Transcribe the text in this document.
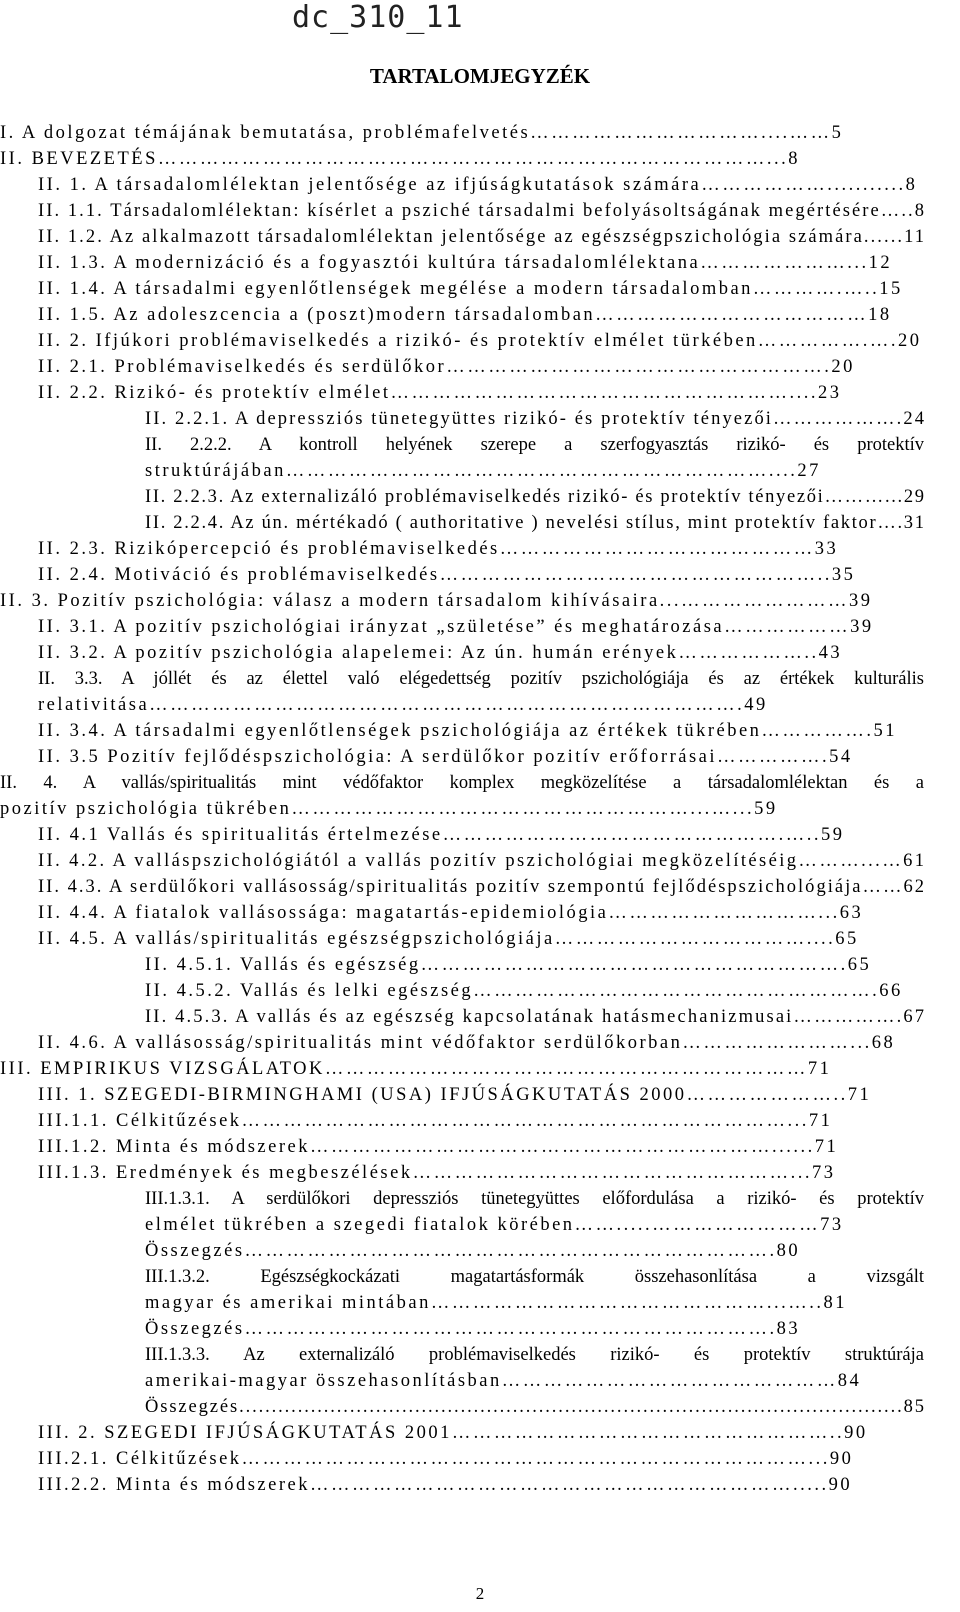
dc_310_11
TARTALOMJEGYZÉK
I. A dolgozat témájának bemutatása, problémafelvetés……………………………....……5
II. BEVEZETÉS……………………………………………………………………………...8
II. 1. A társadalomlélektan jelentősége az ifjúságkutatások számára………………...........8
II. 1.1. Társadalomlélektan: kísérlet a psziché társadalmi befolyásoltságának megértésére…..8
II. 1.2. Az alkalmazott társadalomlélektan jelentősége az egészségpszichológia számára......11
II. 1.3. A modernizáció és a fogyasztói kultúra társadalomlélektana…………………...12
II. 1.4. A társadalmi egyenlőtlenségek megélése a modern társadalomban………….…..15
II. 1.5. Az adoleszcencia a (poszt)modern társadalomban…………………………………18
II. 2. Ifjúkori problémaviselkedés a rizikó- és protektív elmélet türkében…………….….20
II. 2.1. Problémaviselkedés és serdülőkor……………………………………………….20
II. 2.2. Rizikó- és protektív elmélet…………………………………………………....23
II. 2.2.1. A depressziós tünetegyüttes rizikó- és protektív tényezői……………….24
II. 2.2.2. A kontroll helyének szerepe a szerfogyasztás rizikó- és protektív
struktúrájában……………………………………………………………....27
II. 2.2.3. Az externalizáló problémaviselkedés rizikó- és protektív tényezői………...29
II. 2.2.4. Az ún. mértékadó ( authoritative ) nevelési stílus, mint protektív faktor….31
II. 2.3. Rizikópercepció és problémaviselkedés………………………………………33
II. 2.4. Motiváció és problémaviselkedés………………………………………………..35
II. 3. Pozitív pszichológia: válasz a modern társadalom kihívásaira...……………………39
II. 3.1. A pozitív pszichológiai irányzat „születése” és meghatározása………………39
II. 3.2. A pozitív pszichológia alapelemei: Az ún. humán erények………………..43
II. 3.3. A jóllét és az élettel való elégedettség pozitív pszichológiája és az értékek kulturális
relativitása………………………………………………………………………….49
II. 3.4. A társadalmi egyenlőtlenségek pszichológiája az értékek tükrében…………….51
II. 3.5 Pozitív fejlődéspszichológia: A serdülőkor pozitív erőforrásai…………….54
II. 4. A vallás/spiritualitás mint védőfaktor komplex megközelítése a társadalomlélektan és a
pozitív pszichológia tükrében…………………………………………………...…...59
II. 4.1 Vallás és spiritualitás értelmezése………………………………………….…..59
II. 4.2. A valláspszichológiától a vallás pozitív pszichológiai megközelítéséig………...…61
II. 4.3. A serdülőkori vallásosság/spiritualitás pozitív szempontú fejlődéspszichológiája……62
II. 4.4. A fiatalok vallásossága: magatartás-epidemiológia…………………………...63
II. 4.5. A vallás/spiritualitás egészségpszichológiája………………………………....65
II. 4.5.1. Vallás és egészség…………………………………………………….65
II. 4.5.2. Vallás és lelki egészség………………………………………………….66
II. 4.5.3. A vallás és az egészség kapcsolatának hatásmechanizmusai…………….67
II. 4.6. A vallásosság/spiritualitás mint védőfaktor serdülőkorban……………………...68
III. EMPIRIKUS VIZSGÁLATOK……………………………………………………………71
III. 1. SZEGEDI-BIRMINGHAMI (USA) IFJÚSÁGKUTATÁS 2000…………………..71
III.1.1. Célkitűzések……………………………………………………………………...71
III.1.2. Minta és módszerek…………………………………………………………......71
III.1.3. Eredmények és megbeszélések………………………………………………...73
III.1.3.1. A serdülőkori depressziós tünetegyüttes előfordulása a rizikó- és protektív
elmélet tükrében a szegedi fiatalok körében…….....……………………73
Összegzés………………………………………………………………….80
III.1.3.2. Egészségkockázati magatartásformák összehasonlítása a vizsgált
magyar és amerikai mintában…………………………………………...…..81
Összegzés………………………………………………………………….83
III.1.3.3. Az externalizáló problémaviselkedés rizikó- és protektív struktúrája
amerikai-magyar összehasonlításban…………………………………………84
Összegzés......................................................................................................85
III. 2. SZEGEDI IFJÚSÁGKUTATÁS 2001………………………………………………..90
III.2.1. Célkitűzések………………………………………………………………………...90
III.2.2. Minta és módszerek…………………………………………………………….....90
2
